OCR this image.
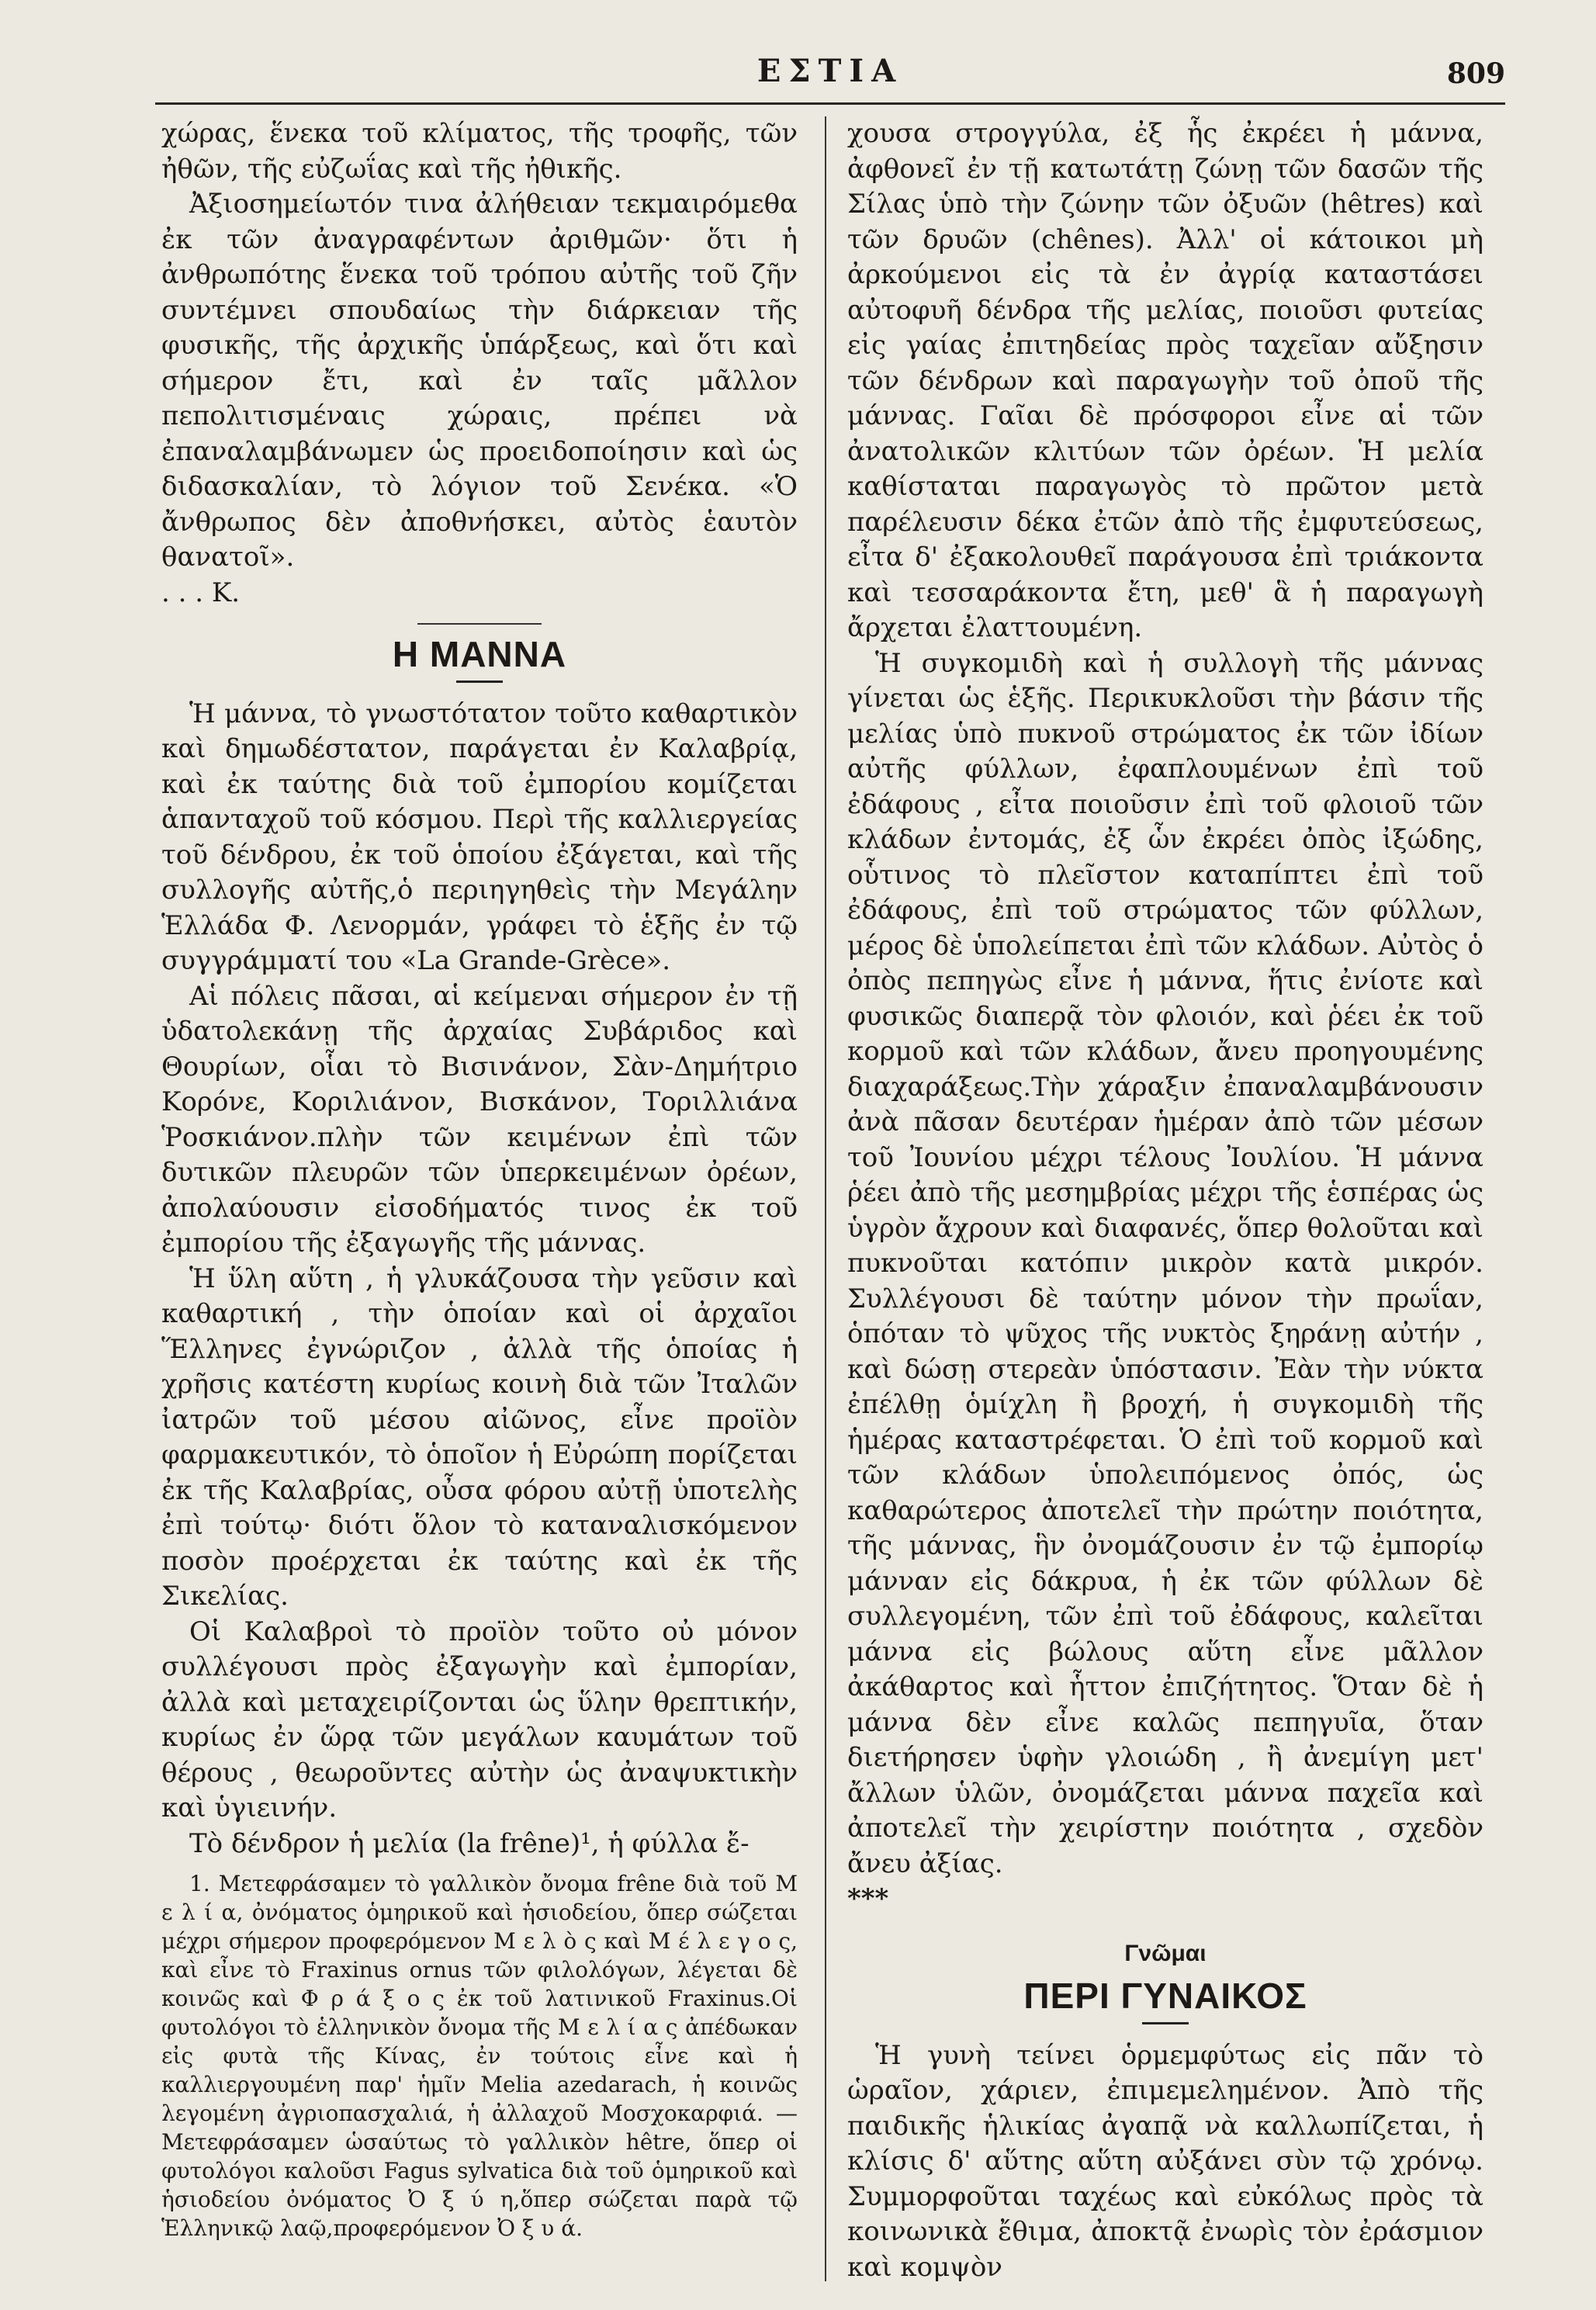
ΕΣΤΙΑ	809

χώρας, ἕνεκα τοῦ κλίματος, τῆς τροφῆς, τῶν ἠθῶν, τῆς εὐζωΐας καὶ τῆς ἠθικῆς.

Ἀξιοσημείωτόν τινα ἀλήθειαν τεκμαιρόμεθα ἐκ τῶν ἀναγραφέντων ἀριθμῶν· ὅτι ἡ ἀνθρωπότης ἕνεκα τοῦ τρόπου αὐτῆς τοῦ ζῆν συντέμνει σπουδαίως τὴν διάρκειαν τῆς φυσικῆς, τῆς ἀρχικῆς ὑπάρξεως, καὶ ὅτι καὶ σήμερον ἔτι, καὶ ἐν ταῖς μᾶλλον πεπολιτισμέναις χώραις, πρέπει νὰ ἐπαναλαμβάνωμεν ὡς προειδοποίησιν καὶ ὡς διδασκαλίαν, τὸ λόγιον τοῦ Σενέκα. «Ὁ ἄνθρωπος δὲν ἀποθνήσκει, αὐτὸς ἑαυτὸν θανατοῖ».

. . . Κ.

Η ΜΑΝΝΑ

Ἡ μάννα, τὸ γνωστότατον τοῦτο καθαρτικὸν καὶ δημωδέστατον, παράγεται ἐν Καλαβρίᾳ, καὶ ἐκ ταύτης διὰ τοῦ ἐμπορίου κομίζεται ἁπανταχοῦ τοῦ κόσμου. Περὶ τῆς καλλιεργείας τοῦ δένδρου, ἐκ τοῦ ὁποίου ἐξάγεται, καὶ τῆς συλλογῆς αὐτῆς,ὁ περιηγηθεὶς τὴν Μεγάλην Ἑλλάδα Φ. Λενορμάν, γράφει τὸ ἑξῆς ἐν τῷ συγγράμματί του «La Grande-Grèce».

Αἱ πόλεις πᾶσαι, αἱ κείμεναι σήμερον ἐν τῇ ὑδατολεκάνῃ τῆς ἀρχαίας Συβάριδος καὶ Θουρίων, οἷαι τὸ Βισινάνον, Σὰν-Δημήτριο Κορόνε, Κοριλιάνον, Βισκάνον, Τοριλλιάνα Ῥοσκιάνον.πλὴν τῶν κειμένων ἐπὶ τῶν δυτικῶν πλευρῶν τῶν ὑπερκειμένων ὀρέων, ἀπολαύουσιν εἰσοδήματός τινος ἐκ τοῦ ἐμπορίου τῆς ἐξαγωγῆς τῆς μάννας.

Ἡ ὕλη αὕτη , ἡ γλυκάζουσα τὴν γεῦσιν καὶ καθαρτική , τὴν ὁποίαν καὶ οἱ ἀρχαῖοι Ἕλληνες ἐγνώριζον , ἀλλὰ τῆς ὁποίας ἡ χρῆσις κατέστη κυρίως κοινὴ διὰ τῶν Ἰταλῶν ἰατρῶν τοῦ μέσου αἰῶνος, εἶνε προϊὸν φαρμακευτικόν, τὸ ὁποῖον ἡ Εὐρώπη πορίζεται ἐκ τῆς Καλαβρίας, οὖσα φόρου αὐτῇ ὑποτελὴς ἐπὶ τούτῳ· διότι ὅλον τὸ καταναλισκόμενον ποσὸν προέρχεται ἐκ ταύτης καὶ ἐκ τῆς Σικελίας.

Οἱ Καλαβροὶ τὸ προϊὸν τοῦτο οὐ μόνον συλλέγουσι πρὸς ἐξαγωγὴν καὶ ἐμπορίαν, ἀλλὰ καὶ μεταχειρίζονται ὡς ὕλην θρεπτικήν, κυρίως ἐν ὥρᾳ τῶν μεγάλων καυμάτων τοῦ θέρους , θεωροῦντες αὐτὴν ὡς ἀναψυκτικὴν καὶ ὑγιεινήν.

Τὸ δένδρον ἡ μελία (la frêne)¹, ἡ φύλλα ἔ-

1. Μετεφράσαμεν τὸ γαλλικὸν ὄνομα frêne διὰ τοῦ Μ ε λ ί α, ὀνόματος ὁμηρικοῦ καὶ ἡσιοδείου, ὅπερ σώζεται μέχρι σήμερον προφερόμενον Μ ε λ ὸ ς καὶ Μ έ λ ε γ ο ς, καὶ εἶνε τὸ Fraxinus ornus τῶν φιλολόγων, λέγεται δὲ κοινῶς καὶ Φ ρ ά ξ ο ς ἐκ τοῦ λατινικοῦ Fraxinus.Οἱ φυτολόγοι τὸ ἑλληνικὸν ὄνομα τῆς Μ ε λ ί α ς ἀπέδωκαν εἰς φυτὰ τῆς Κίνας, ἐν τούτοις εἶνε καὶ ἡ καλλιεργουμένη παρ' ἡμῖν Melia azedarach, ἡ κοινῶς λεγομένη ἀγριοπασχαλιά, ἡ ἀλλαχοῦ Μοσχοκαρφιά. —Μετεφράσαμεν ὡσαύτως τὸ γαλλικὸν hêtre, ὅπερ οἱ φυτολόγοι καλοῦσι Fagus sylvatica διὰ τοῦ ὁμηρικοῦ καὶ ἡσιοδείου ὀνόματος Ὀ ξ ύ η,ὅπερ σώζεται παρὰ τῷ Ἑλληνικῷ λαῷ,προφερόμενον Ὀ ξ υ ά.

χουσα στρογγύλα, ἐξ ἧς ἐκρέει ἡ μάννα, ἀφθονεῖ ἐν τῇ κατωτάτῃ ζώνῃ τῶν δασῶν τῆς Σίλας ὑπὸ τὴν ζώνην τῶν ὀξυῶν (hêtres) καὶ τῶν δρυῶν (chênes). Ἀλλ' οἱ κάτοικοι μὴ ἀρκούμενοι εἰς τὰ ἐν ἀγρίᾳ καταστάσει αὐτοφυῆ δένδρα τῆς μελίας, ποιοῦσι φυτείας εἰς γαίας ἐπιτηδείας πρὸς ταχεῖαν αὔξησιν τῶν δένδρων καὶ παραγωγὴν τοῦ ὀποῦ τῆς μάννας. Γαῖαι δὲ πρόσφοροι εἶνε αἱ τῶν ἀνατολικῶν κλιτύων τῶν ὀρέων. Ἡ μελία καθίσταται παραγωγὸς τὸ πρῶτον μετὰ παρέλευσιν δέκα ἐτῶν ἀπὸ τῆς ἐμφυτεύσεως, εἶτα δ' ἐξακολουθεῖ παράγουσα ἐπὶ τριάκοντα καὶ τεσσαράκοντα ἔτη, μεθ' ἃ ἡ παραγωγὴ ἄρχεται ἐλαττουμένη.

Ἡ συγκομιδὴ καὶ ἡ συλλογὴ τῆς μάννας γίνεται ὡς ἑξῆς. Περικυκλοῦσι τὴν βάσιν τῆς μελίας ὑπὸ πυκνοῦ στρώματος ἐκ τῶν ἰδίων αὐτῆς φύλλων, ἐφαπλουμένων ἐπὶ τοῦ ἐδάφους , εἶτα ποιοῦσιν ἐπὶ τοῦ φλοιοῦ τῶν κλάδων ἐντομάς, ἐξ ὧν ἐκρέει ὀπὸς ἰξώδης, οὗτινος τὸ πλεῖστον καταπίπτει ἐπὶ τοῦ ἐδάφους, ἐπὶ τοῦ στρώματος τῶν φύλλων, μέρος δὲ ὑπολείπεται ἐπὶ τῶν κλάδων. Αὐτὸς ὁ ὀπὸς πεπηγὼς εἶνε ἡ μάννα, ἥτις ἐνίοτε καὶ φυσικῶς διαπερᾷ τὸν φλοιόν, καὶ ῥέει ἐκ τοῦ κορμοῦ καὶ τῶν κλάδων, ἄνευ προηγουμένης διαχαράξεως.Τὴν χάραξιν ἐπαναλαμβάνουσιν ἀνὰ πᾶσαν δευτέραν ἡμέραν ἀπὸ τῶν μέσων τοῦ Ἰουνίου μέχρι τέλους Ἰουλίου. Ἡ μάννα ῥέει ἀπὸ τῆς μεσημβρίας μέχρι τῆς ἑσπέρας ὡς ὑγρὸν ἄχρουν καὶ διαφανές, ὅπερ θολοῦται καὶ πυκνοῦται κατόπιν μικρὸν κατὰ μικρόν. Συλλέγουσι δὲ ταύτην μόνον τὴν πρωΐαν, ὁπόταν τὸ ψῦχος τῆς νυκτὸς ξηράνῃ αὐτήν , καὶ δώσῃ στερεὰν ὑπόστασιν. Ἐὰν τὴν νύκτα ἐπέλθῃ ὁμίχλη ἢ βροχή, ἡ συγκομιδὴ τῆς ἡμέρας καταστρέφεται. Ὁ ἐπὶ τοῦ κορμοῦ καὶ τῶν κλάδων ὑπολειπόμενος ὀπός, ὡς καθαρώτερος ἀποτελεῖ τὴν πρώτην ποιότητα, τῆς μάννας, ἣν ὀνομάζουσιν ἐν τῷ ἐμπορίῳ μάνναν εἰς δάκρυα, ἡ ἐκ τῶν φύλλων δὲ συλλεγομένη, τῶν ἐπὶ τοῦ ἐδάφους, καλεῖται μάννα εἰς βώλους αὕτη εἶνε μᾶλλον ἀκάθαρτος καὶ ἧττον ἐπιζήτητος. Ὅταν δὲ ἡ μάννα δὲν εἶνε καλῶς πεπηγυῖα, ὅταν διετήρησεν ὑφὴν γλοιώδη , ἢ ἀνεμίγη μετ' ἄλλων ὑλῶν, ὀνομάζεται μάννα παχεῖα καὶ ἀποτελεῖ τὴν χειρίστην ποιότητα , σχεδὸν ἄνευ ἀξίας.

***

Γνῶμαι
ΠΕΡΙ ΓΥΝΑΙΚΟΣ

Ἡ γυνὴ τείνει ὁρμεμφύτως εἰς πᾶν τὸ ὡραῖον, χάριεν, ἐπιμεμελημένον. Ἀπὸ τῆς παιδικῆς ἡλικίας ἀγαπᾷ νὰ καλλωπίζεται, ἡ κλίσις δ' αὕτης αὕτη αὐξάνει σὺν τῷ χρόνῳ. Συμμορφοῦται ταχέως καὶ εὐκόλως πρὸς τὰ κοινωνικὰ ἔθιμα, ἀποκτᾷ ἐνωρὶς τὸν ἐράσμιον καὶ κομψὸν
